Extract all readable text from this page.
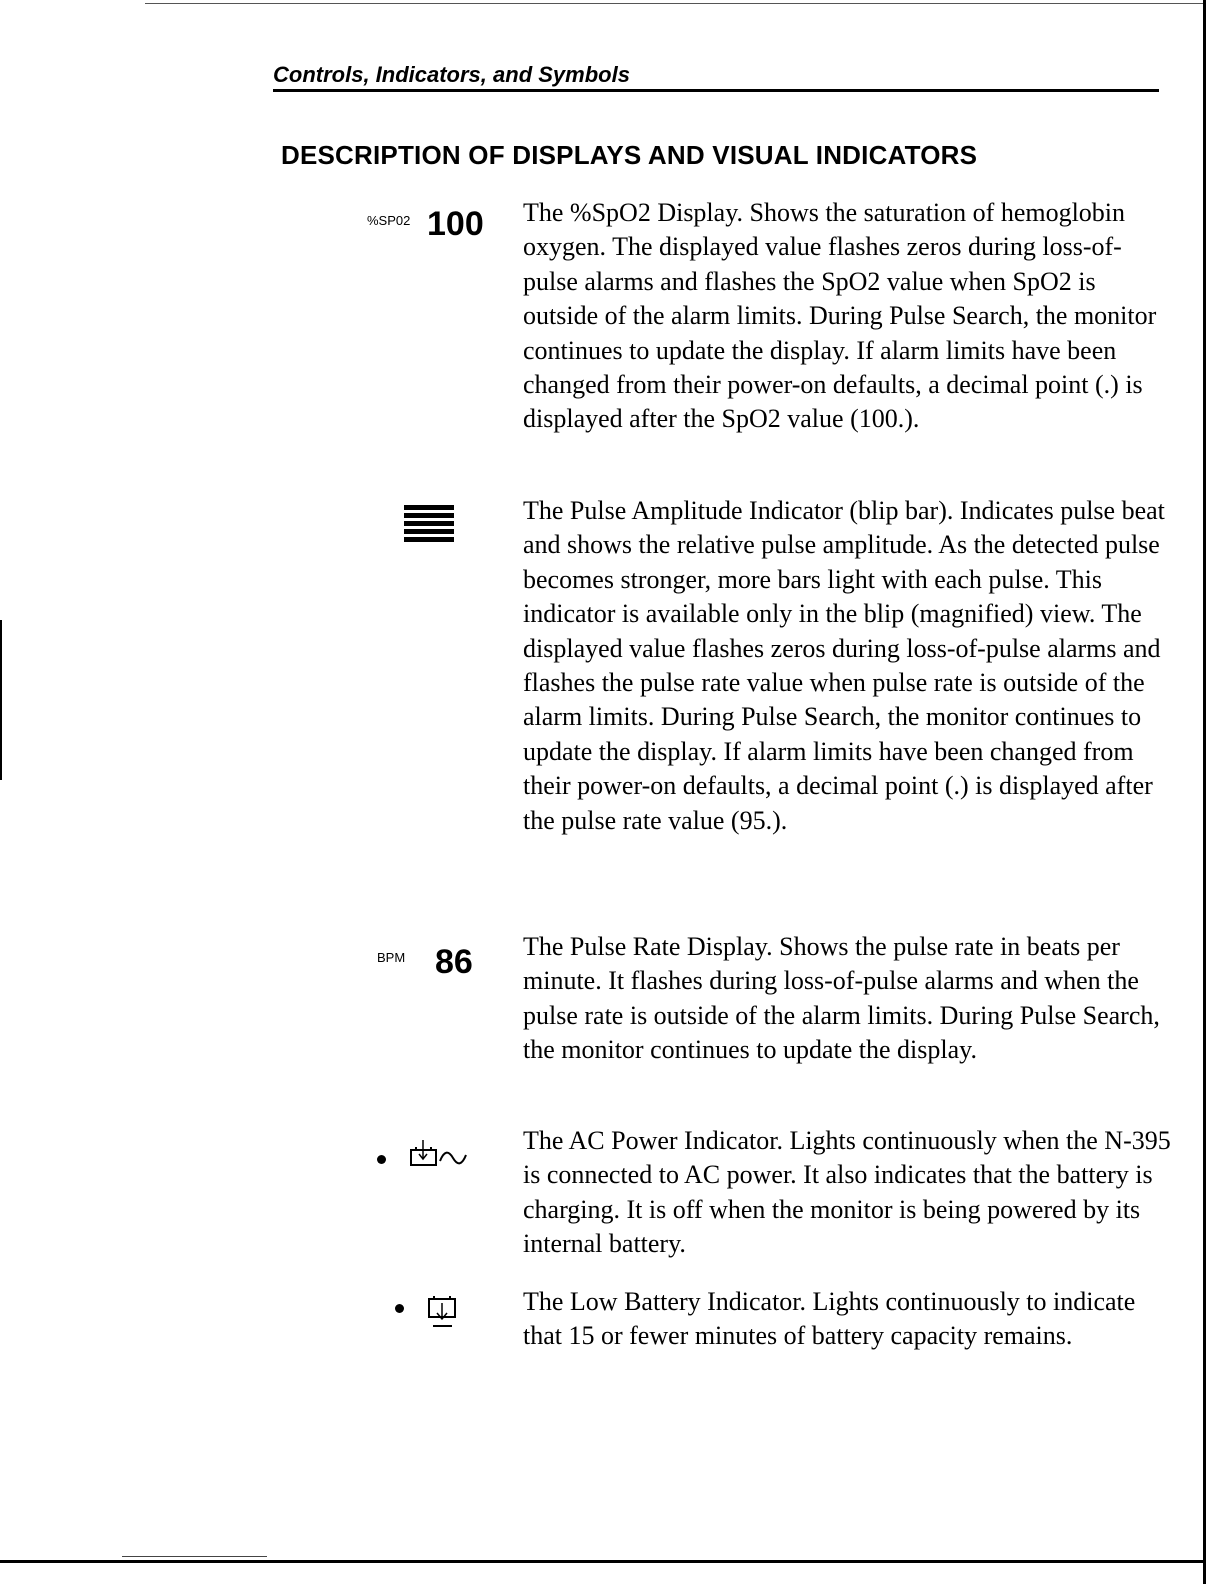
Controls, Indicators, and Symbols
DESCRIPTION OF DISPLAYS AND VISUAL INDICATORS
%SP02 100 The %SpO2 Display. Shows the saturation of hemoglobin oxygen. The displayed value flashes zeros during loss-of-pulse alarms and flashes the SpO2 value when SpO2 is outside of the alarm limits. During Pulse Search, the monitor continues to update the display. If alarm limits have been changed from their power-on defaults, a decimal point (.) is displayed after the SpO2 value (100.).
The Pulse Amplitude Indicator (blip bar). Indicates pulse beat and shows the relative pulse amplitude. As the detected pulse becomes stronger, more bars light with each pulse. This indicator is available only in the blip (magnified) view. The displayed value flashes zeros during loss-of-pulse alarms and flashes the pulse rate value when pulse rate is outside of the alarm limits. During Pulse Search, the monitor continues to update the display. If alarm limits have been changed from their power-on defaults, a decimal point (.) is displayed after the pulse rate value (95.).
BPM 86 The Pulse Rate Display. Shows the pulse rate in beats per minute. It flashes during loss-of-pulse alarms and when the pulse rate is outside of the alarm limits. During Pulse Search, the monitor continues to update the display.
The AC Power Indicator. Lights continuously when the N-395 is connected to AC power. It also indicates that the battery is charging. It is off when the monitor is being powered by its internal battery.
The Low Battery Indicator. Lights continuously to indicate that 15 or fewer minutes of battery capacity remains.
